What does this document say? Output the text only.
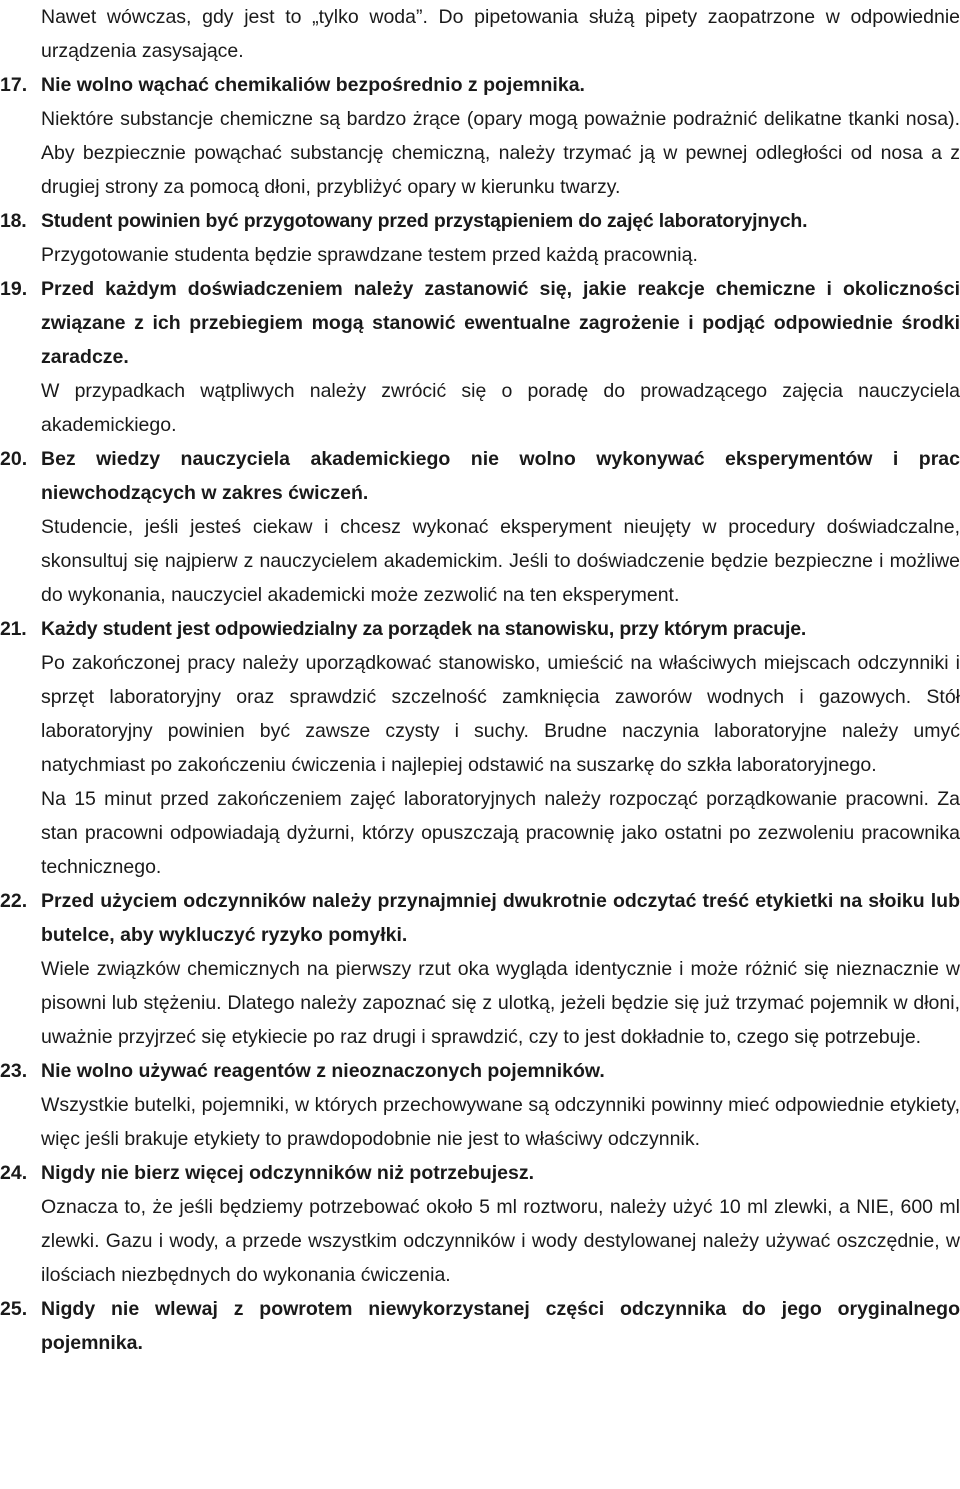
Nawet wówczas, gdy jest to „tylko woda”. Do pipetowania służą pipety zaopatrzone w odpowiednie urządzenia zasysające.

17. Nie wolno wąchać chemikaliów bezpośrednio z pojemnika.

Niektóre substancje chemiczne są bardzo żrące (opary mogą poważnie podrażnić delikatne tkanki nosa). Aby bezpiecznie powąchać substancję chemiczną, należy trzymać ją w pewnej odległości od nosa a z drugiej strony za pomocą dłoni, przybliżyć opary w kierunku twarzy.

18. Student powinien być przygotowany przed przystąpieniem do zajęć laboratoryjnych.

Przygotowanie studenta będzie sprawdzane testem przed każdą pracownią.

19. Przed każdym doświadczeniem należy zastanowić się, jakie reakcje chemiczne i okoliczności związane z ich przebiegiem mogą stanowić ewentualne zagrożenie i podjąć odpowiednie środki zaradcze.

W przypadkach wątpliwych należy zwrócić się o poradę do prowadzącego zajęcia nauczyciela akademickiego.

20. Bez wiedzy nauczyciela akademickiego nie wolno wykonywać eksperymentów i prac niewchodzących w zakres ćwiczeń.

Studencie, jeśli jesteś ciekaw i chcesz wykonać eksperyment nieujęty w procedury doświadczalne, skonsultuj się najpierw z nauczycielem akademickim. Jeśli to doświadczenie będzie bezpieczne i możliwe do wykonania, nauczyciel akademicki może zezwolić na ten eksperyment.

21. Każdy student jest odpowiedzialny za porządek na stanowisku, przy którym pracuje.

Po zakończonej pracy należy uporządkować stanowisko, umieścić na właściwych miejscach odczynniki i sprzęt laboratoryjny oraz sprawdzić szczelność zamknięcia zaworów wodnych i gazowych. Stół laboratoryjny powinien być zawsze czysty i suchy. Brudne naczynia laboratoryjne należy umyć natychmiast po zakończeniu ćwiczenia i najlepiej odstawić na suszarkę do szkła laboratoryjnego.

Na 15 minut przed zakończeniem zajęć laboratoryjnych należy rozpocząć porządkowanie pracowni. Za stan pracowni odpowiadają dyżurni, którzy opuszczają pracownię jako ostatni po zezwoleniu pracownika technicznego.

22. Przed użyciem odczynników należy przynajmniej dwukrotnie odczytać treść etykietki na słoiku lub butelce, aby wykluczyć ryzyko pomyłki.

Wiele związków chemicznych na pierwszy rzut oka wygląda identycznie i może różnić się nieznacznie w pisowni lub stężeniu. Dlatego należy zapoznać się z ulotką, jeżeli będzie się już trzymać pojemnik w dłoni, uważnie przyjrzeć się etykiecie po raz drugi i sprawdzić, czy to jest dokładnie to, czego się potrzebuje.

23. Nie wolno używać reagentów z nieoznaczonych pojemników.

Wszystkie butelki, pojemniki, w których przechowywane są odczynniki powinny mieć odpowiednie etykiety, więc jeśli brakuje etykiety to prawdopodobnie nie jest to właściwy odczynnik.

24. Nigdy nie bierz więcej odczynników niż potrzebujesz.

Oznacza to, że jeśli będziemy potrzebować około 5 ml roztworu, należy użyć 10 ml zlewki, a NIE, 600 ml zlewki. Gazu i wody, a przede wszystkim odczynników i wody destylowanej należy używać oszczędnie, w ilościach niezbędnych do wykonania ćwiczenia.

25. Nigdy nie wlewaj z powrotem niewykorzystanej części odczynnika do jego oryginalnego pojemnika.
